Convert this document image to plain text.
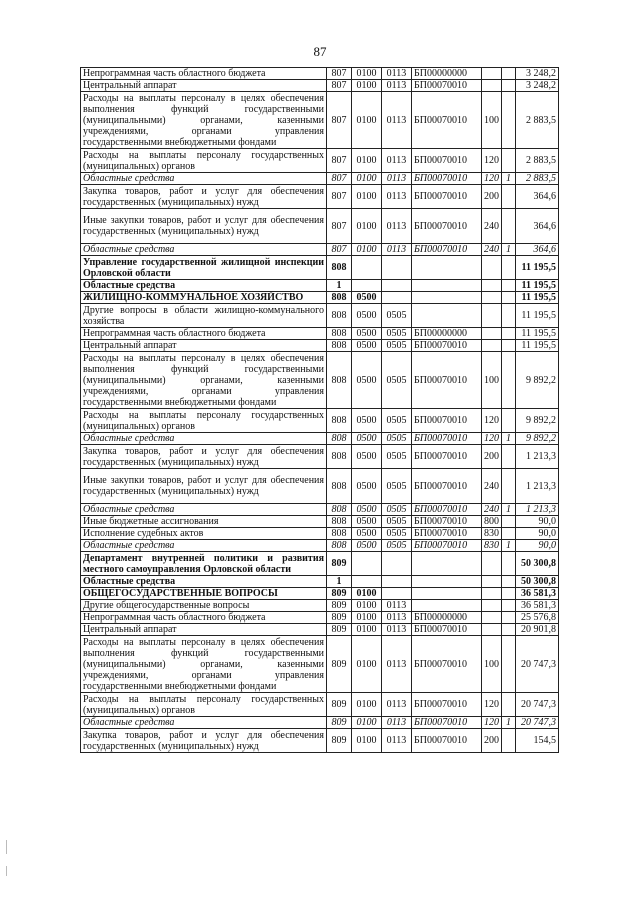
87
Непрограммная часть областного бюджета	807	0100	0113	БП00000000			3 248,2
Центральный аппарат	807	0100	0113	БП00070010			3 248,2
Расходы на выплаты персоналу в целях обеспечения выполнения функций государственными (муниципальными) органами, казенными учреждениями, органами управления государственными внебюджетными фондами	807	0100	0113	БП00070010	100		2 883,5
Расходы на выплаты персоналу государственных (муниципальных) органов	807	0100	0113	БП00070010	120		2 883,5
Областные средства	807	0100	0113	БП00070010	120	1	2 883,5
Закупка товаров, работ и услуг для обеспечения государственных (муниципальных) нужд	807	0100	0113	БП00070010	200		364,6
Иные закупки товаров, работ и услуг для обеспечения государственных (муниципальных) нужд	807	0100	0113	БП00070010	240		364,6
Областные средства	807	0100	0113	БП00070010	240	1	364,6
Управление государственной жилищной инспекции Орловской области	808						11 195,5
Областные средства	1						11 195,5
ЖИЛИЩНО-КОММУНАЛЬНОЕ ХОЗЯЙСТВО	808	0500					11 195,5
Другие вопросы в области жилищно-коммунального хозяйства	808	0500	0505				11 195,5
Непрограммная часть областного бюджета	808	0500	0505	БП00000000			11 195,5
Центральный аппарат	808	0500	0505	БП00070010			11 195,5
Расходы на выплаты персоналу в целях обеспечения выполнения функций государственными (муниципальными) органами, казенными учреждениями, органами управления государственными внебюджетными фондами	808	0500	0505	БП00070010	100		9 892,2
Расходы на выплаты персоналу государственных (муниципальных) органов	808	0500	0505	БП00070010	120		9 892,2
Областные средства	808	0500	0505	БП00070010	120	1	9 892,2
Закупка товаров, работ и услуг для обеспечения государственных (муниципальных) нужд	808	0500	0505	БП00070010	200		1 213,3
Иные закупки товаров, работ и услуг для обеспечения государственных (муниципальных) нужд	808	0500	0505	БП00070010	240		1 213,3
Областные средства	808	0500	0505	БП00070010	240	1	1 213,3
Иные бюджетные ассигнования	808	0500	0505	БП00070010	800		90,0
Исполнение судебных актов	808	0500	0505	БП00070010	830		90,0
Областные средства	808	0500	0505	БП00070010	830	1	90,0
Департамент внутренней политики и развития местного самоуправления Орловской области	809						50 300,8
Областные средства	1						50 300,8
ОБЩЕГОСУДАРСТВЕННЫЕ ВОПРОСЫ	809	0100					36 581,3
Другие общегосударственные вопросы	809	0100	0113				36 581,3
Непрограммная часть областного бюджета	809	0100	0113	БП00000000			25 576,8
Центральный аппарат	809	0100	0113	БП00070010			20 901,8
Расходы на выплаты персоналу в целях обеспечения выполнения функций государственными (муниципальными) органами, казенными учреждениями, органами управления государственными внебюджетными фондами	809	0100	0113	БП00070010	100		20 747,3
Расходы на выплаты персоналу государственных (муниципальных) органов	809	0100	0113	БП00070010	120		20 747,3
Областные средства	809	0100	0113	БП00070010	120	1	20 747,3
Закупка товаров, работ и услуг для обеспечения государственных (муниципальных) нужд	809	0100	0113	БП00070010	200		154,5
